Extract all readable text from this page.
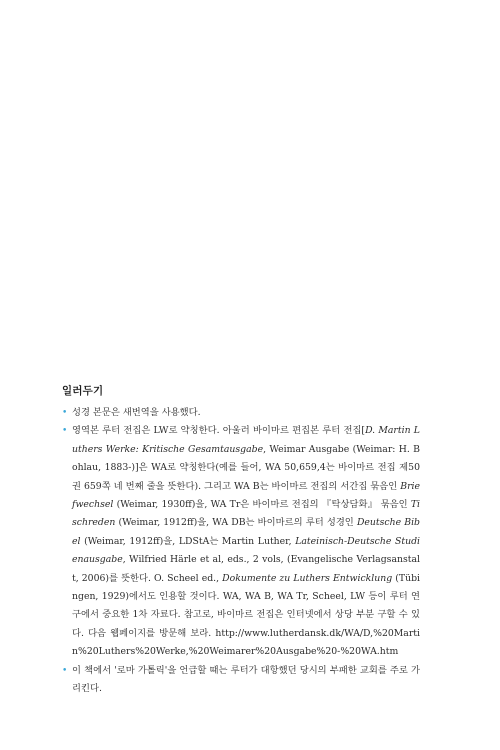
일러두기
• 성경 본문은 새번역을 사용했다.
• 영역본 루터 전집은 LW로 약칭한다. 아울러 바이마르 편집본 루터 전집[D. Martin Luthers Werke: Kritische Gesamtausgabe, Weimar Ausgabe (Weimar: H. Bohlau, 1883-)]은 WA로 약칭한다(예를 들어, WA 50,659,4는 바이마르 전집 제50권 659쪽 네 번째 줄을 뜻한다). 그리고 WA B는 바이마르 전집의 서간집 묶음인 Briefwechsel (Weimar, 1930ff)을, WA Tr은 바이마르 전집의 『탁상담화』 묶음인 Tischreden (Weimar, 1912ff)을, WA DB는 바이마르의 루터 성경인 Deutsche Bibel (Weimar, 1912ff)을, LDStA는 Martin Luther, Lateinisch-Deutsche Studienausgabe, Wilfried Härle et al, eds., 2 vols, (Evangelische Verlagsanstalt, 2006)를 뜻한다. O. Scheel ed., Dokumente zu Luthers Entwicklung (Tübingen, 1929)에서도 인용할 것이다. WA, WA B, WA Tr, Scheel, LW 등이 루터 연구에서 중요한 1차 자료다. 참고로, 바이마르 전집은 인터넷에서 상당 부분 구할 수 있다. 다음 웹페이지를 방문해 보라. http://www.lutherdansk.dk/WA/D,%20Martin%20Luthers%20Werke,%20Weimarer%20Ausgabe%20-%20WA.htm
• 이 책에서 '로마 가톨릭'을 언급할 때는 루터가 대항했던 당시의 부패한 교회를 주로 가리킨다.
